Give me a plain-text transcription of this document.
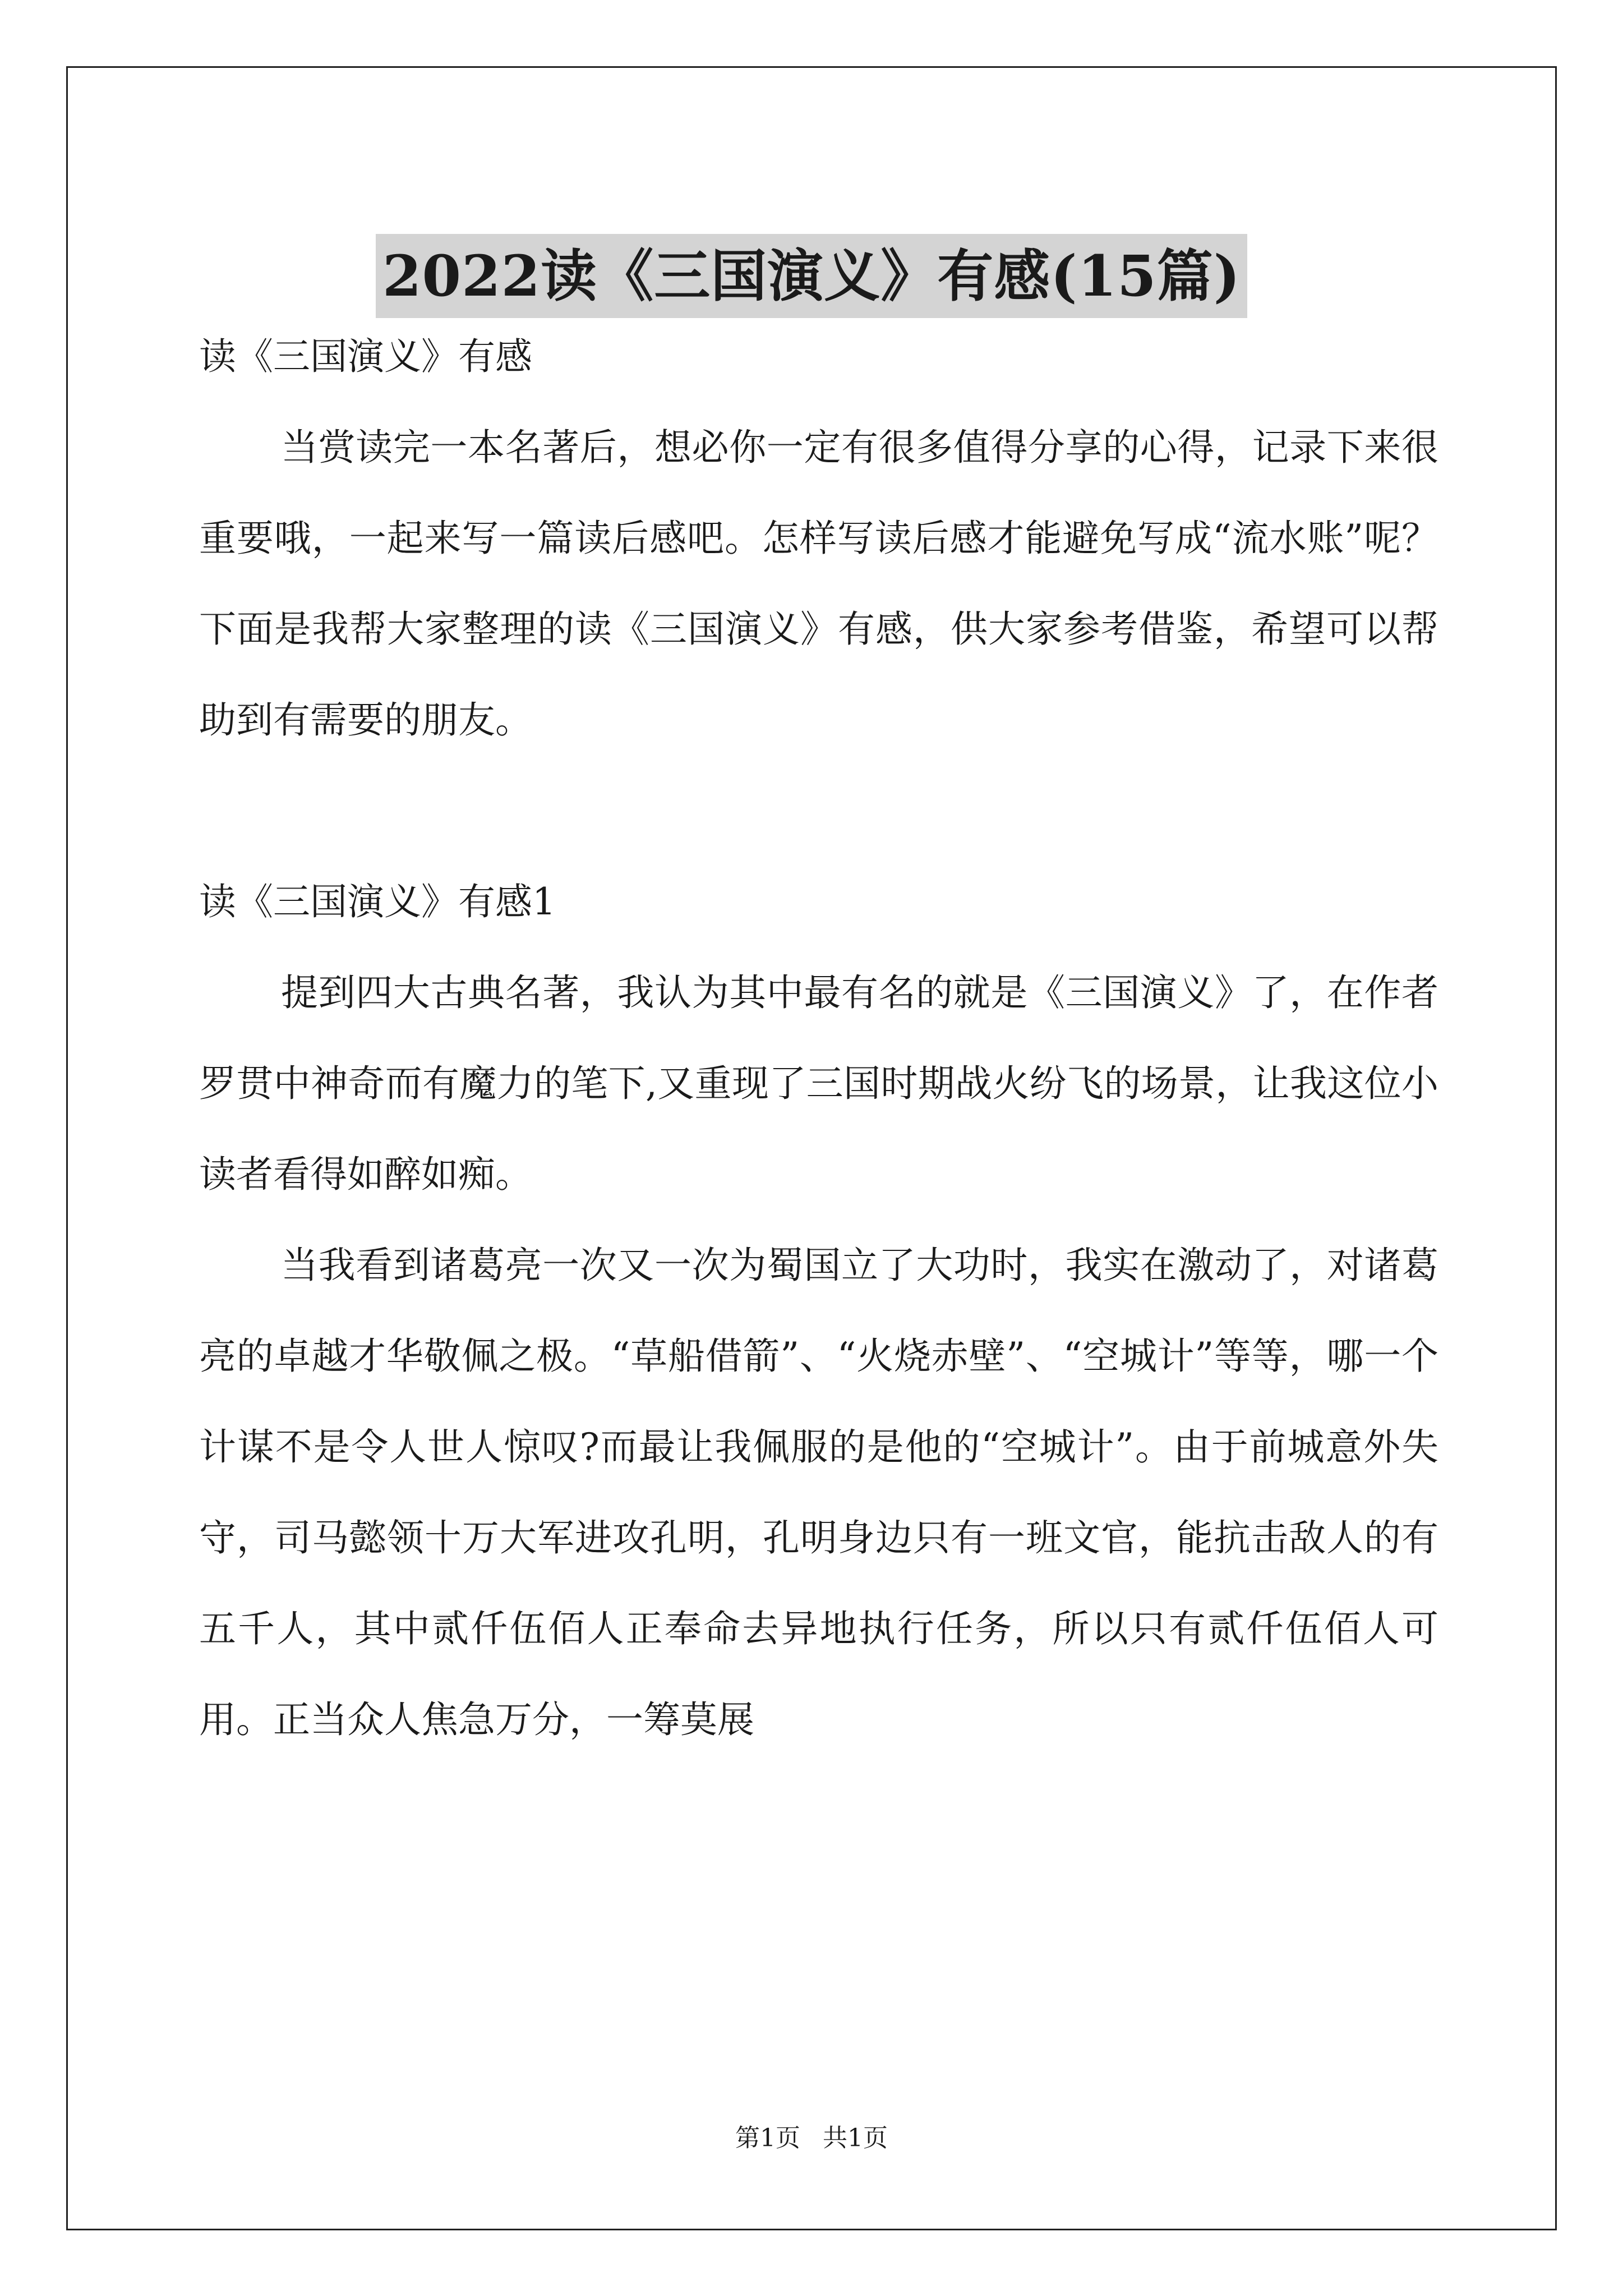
2022读《三国演义》有感(15篇)

读《三国演义》有感

当赏读完一本名著后，想必你一定有很多值得分享的心得，记录下来很重要哦，一起来写一篇读后感吧。怎样写读后感才能避免写成“流水账”呢？下面是我帮大家整理的读《三国演义》有感，供大家参考借鉴，希望可以帮助到有需要的朋友。

读《三国演义》有感1

提到四大古典名著，我认为其中最有名的就是《三国演义》了，在作者罗贯中神奇而有魔力的笔下,又重现了三国时期战火纷飞的场景，让我这位小读者看得如醉如痴。

当我看到诸葛亮一次又一次为蜀国立了大功时，我实在激动了，对诸葛亮的卓越才华敬佩之极。“草船借箭”、“火烧赤壁”、“空城计”等等，哪一个计谋不是令人世人惊叹?而最让我佩服的是他的“空城计”。由于前城意外失守，司马懿领十万大军进攻孔明，孔明身边只有一班文官，能抗击敌人的有五千人，其中贰仟伍佰人正奉命去异地执行任务，所以只有贰仟伍佰人可用。正当众人焦急万分，一筹莫展

第1页 共1页
